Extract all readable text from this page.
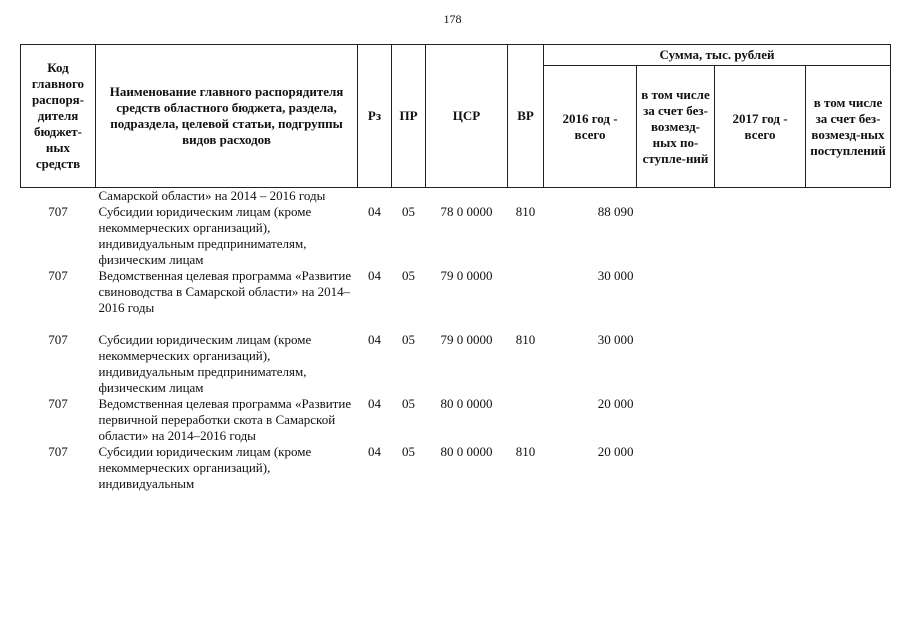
178
Код главного распоря-дителя бюджет-ных средств	Наименование главного распорядителя средств областного бюджета, раздела, подраздела, целевой статьи, подгруппы видов расходов	Рз	ПР	ЦСР	ВР	Сумма, тыс. рублей			
						2016 год - всего	в том числе за счет без-возмезд-ных по-ступле-ний	2017 год - всего	в том числе за счет без-возмезд-ных поступлений
	Самарской области» на 2014 – 2016 годы								
707	Субсидии юридическим лицам (кроме некоммерческих организаций), индивидуальным предпринимателям, физическим лицам	04	05	78 0 0000	810	88 090			
707	Ведомственная целевая программа «Развитие свиноводства в Самарской области» на 2014–2016 годы	04	05	79 0 0000		30 000			
707	Субсидии юридическим лицам (кроме некоммерческих организаций), индивидуальным предпринимателям, физическим лицам	04	05	79 0 0000	810	30 000			
707	Ведомственная целевая программа «Развитие первичной переработки скота в Самарской области» на 2014–2016 годы	04	05	80 0 0000		20 000			
707	Субсидии юридическим лицам (кроме некоммерческих организаций), индивидуальным	04	05	80 0 0000	810	20 000			
